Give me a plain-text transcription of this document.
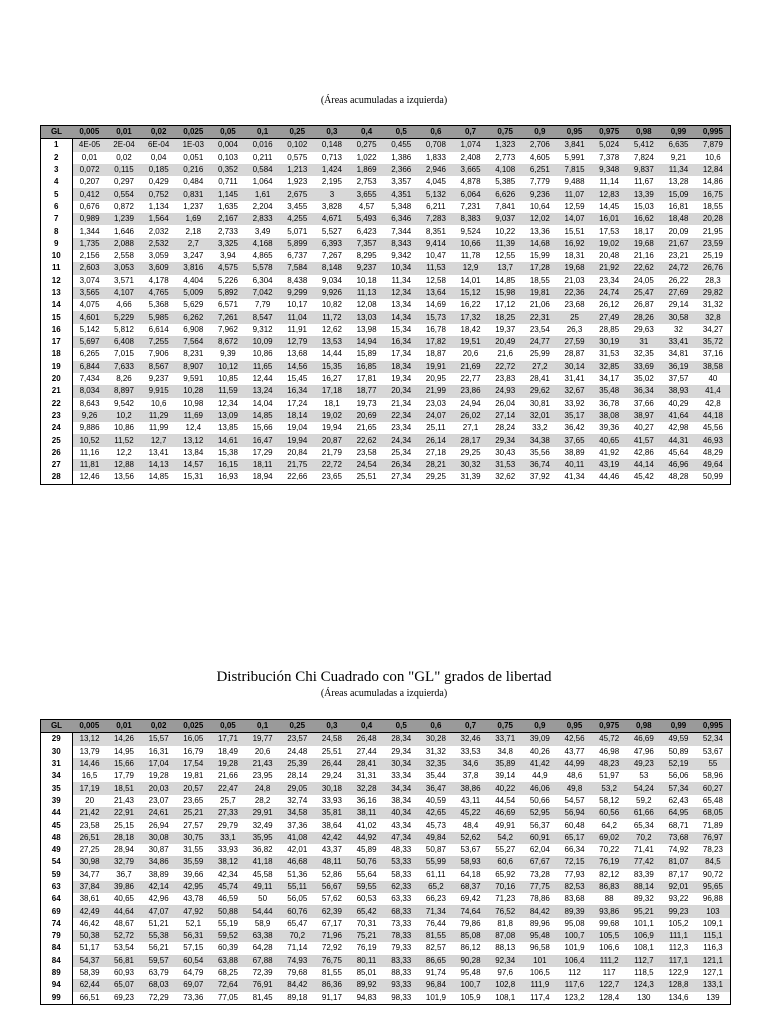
(Áreas acumuladas a izquierda)
GL	0,005	0,01	0,02	0,025	0,05	0,1	0,25	0,3	0,4	0,5	0,6	0,7	0,75	0,9	0,95	0,975	0,98	0,99	0,995
1	4E-05	2E-04	6E-04	1E-03	0,004	0,016	0,102	0,148	0,275	0,455	0,708	1,074	1,323	2,706	3,841	5,024	5,412	6,635	7,879
2	0,01	0,02	0,04	0,051	0,103	0,211	0,575	0,713	1,022	1,386	1,833	2,408	2,773	4,605	5,991	7,378	7,824	9,21	10,6
3	0,072	0,115	0,185	0,216	0,352	0,584	1,213	1,424	1,869	2,366	2,946	3,665	4,108	6,251	7,815	9,348	9,837	11,34	12,84
4	0,207	0,297	0,429	0,484	0,711	1,064	1,923	2,195	2,753	3,357	4,045	4,878	5,385	7,779	9,488	11,14	11,67	13,28	14,86
5	0,412	0,554	0,752	0,831	1,145	1,61	2,675	3	3,655	4,351	5,132	6,064	6,626	9,236	11,07	12,83	13,39	15,09	16,75
6	0,676	0,872	1,134	1,237	1,635	2,204	3,455	3,828	4,57	5,348	6,211	7,231	7,841	10,64	12,59	14,45	15,03	16,81	18,55
7	0,989	1,239	1,564	1,69	2,167	2,833	4,255	4,671	5,493	6,346	7,283	8,383	9,037	12,02	14,07	16,01	16,62	18,48	20,28
8	1,344	1,646	2,032	2,18	2,733	3,49	5,071	5,527	6,423	7,344	8,351	9,524	10,22	13,36	15,51	17,53	18,17	20,09	21,95
9	1,735	2,088	2,532	2,7	3,325	4,168	5,899	6,393	7,357	8,343	9,414	10,66	11,39	14,68	16,92	19,02	19,68	21,67	23,59
10	2,156	2,558	3,059	3,247	3,94	4,865	6,737	7,267	8,295	9,342	10,47	11,78	12,55	15,99	18,31	20,48	21,16	23,21	25,19
11	2,603	3,053	3,609	3,816	4,575	5,578	7,584	8,148	9,237	10,34	11,53	12,9	13,7	17,28	19,68	21,92	22,62	24,72	26,76
12	3,074	3,571	4,178	4,404	5,226	6,304	8,438	9,034	10,18	11,34	12,58	14,01	14,85	18,55	21,03	23,34	24,05	26,22	28,3
13	3,565	4,107	4,765	5,009	5,892	7,042	9,299	9,926	11,13	12,34	13,64	15,12	15,98	19,81	22,36	24,74	25,47	27,69	29,82
14	4,075	4,66	5,368	5,629	6,571	7,79	10,17	10,82	12,08	13,34	14,69	16,22	17,12	21,06	23,68	26,12	26,87	29,14	31,32
15	4,601	5,229	5,985	6,262	7,261	8,547	11,04	11,72	13,03	14,34	15,73	17,32	18,25	22,31	25	27,49	28,26	30,58	32,8
16	5,142	5,812	6,614	6,908	7,962	9,312	11,91	12,62	13,98	15,34	16,78	18,42	19,37	23,54	26,3	28,85	29,63	32	34,27
17	5,697	6,408	7,255	7,564	8,672	10,09	12,79	13,53	14,94	16,34	17,82	19,51	20,49	24,77	27,59	30,19	31	33,41	35,72
18	6,265	7,015	7,906	8,231	9,39	10,86	13,68	14,44	15,89	17,34	18,87	20,6	21,6	25,99	28,87	31,53	32,35	34,81	37,16
19	6,844	7,633	8,567	8,907	10,12	11,65	14,56	15,35	16,85	18,34	19,91	21,69	22,72	27,2	30,14	32,85	33,69	36,19	38,58
20	7,434	8,26	9,237	9,591	10,85	12,44	15,45	16,27	17,81	19,34	20,95	22,77	23,83	28,41	31,41	34,17	35,02	37,57	40
21	8,034	8,897	9,915	10,28	11,59	13,24	16,34	17,18	18,77	20,34	21,99	23,86	24,93	29,62	32,67	35,48	36,34	38,93	41,4
22	8,643	9,542	10,6	10,98	12,34	14,04	17,24	18,1	19,73	21,34	23,03	24,94	26,04	30,81	33,92	36,78	37,66	40,29	42,8
23	9,26	10,2	11,29	11,69	13,09	14,85	18,14	19,02	20,69	22,34	24,07	26,02	27,14	32,01	35,17	38,08	38,97	41,64	44,18
24	9,886	10,86	11,99	12,4	13,85	15,66	19,04	19,94	21,65	23,34	25,11	27,1	28,24	33,2	36,42	39,36	40,27	42,98	45,56
25	10,52	11,52	12,7	13,12	14,61	16,47	19,94	20,87	22,62	24,34	26,14	28,17	29,34	34,38	37,65	40,65	41,57	44,31	46,93
26	11,16	12,2	13,41	13,84	15,38	17,29	20,84	21,79	23,58	25,34	27,18	29,25	30,43	35,56	38,89	41,92	42,86	45,64	48,29
27	11,81	12,88	14,13	14,57	16,15	18,11	21,75	22,72	24,54	26,34	28,21	30,32	31,53	36,74	40,11	43,19	44,14	46,96	49,64
28	12,46	13,56	14,85	15,31	16,93	18,94	22,66	23,65	25,51	27,34	29,25	31,39	32,62	37,92	41,34	44,46	45,42	48,28	50,99
Distribución Chi Cuadrado con "GL" grados de libertad
(Áreas acumuladas a izquierda)
GL	0,005	0,01	0,02	0,025	0,05	0,1	0,25	0,3	0,4	0,5	0,6	0,7	0,75	0,9	0,95	0,975	0,98	0,99	0,995
29	13,12	14,26	15,57	16,05	17,71	19,77	23,57	24,58	26,48	28,34	30,28	32,46	33,71	39,09	42,56	45,72	46,69	49,59	52,34
30	13,79	14,95	16,31	16,79	18,49	20,6	24,48	25,51	27,44	29,34	31,32	33,53	34,8	40,26	43,77	46,98	47,96	50,89	53,67
31	14,46	15,66	17,04	17,54	19,28	21,43	25,39	26,44	28,41	30,34	32,35	34,6	35,89	41,42	44,99	48,23	49,23	52,19	55
34	16,5	17,79	19,28	19,81	21,66	23,95	28,14	29,24	31,31	33,34	35,44	37,8	39,14	44,9	48,6	51,97	53	56,06	58,96
35	17,19	18,51	20,03	20,57	22,47	24,8	29,05	30,18	32,28	34,34	36,47	38,86	40,22	46,06	49,8	53,2	54,24	57,34	60,27
39	20	21,43	23,07	23,65	25,7	28,2	32,74	33,93	36,16	38,34	40,59	43,11	44,54	50,66	54,57	58,12	59,2	62,43	65,48
44	21,42	22,91	24,61	25,21	27,33	29,91	34,58	35,81	38,11	40,34	42,65	45,22	46,69	52,95	56,94	60,56	61,66	64,95	68,05
45	23,58	25,15	26,94	27,57	29,79	32,49	37,36	38,64	41,02	43,34	45,73	48,4	49,91	56,37	60,48	64,2	65,34	68,71	71,89
48	26,51	28,18	30,08	30,75	33,1	35,95	41,08	42,42	44,92	47,34	49,84	52,62	54,2	60,91	65,17	69,02	70,2	73,68	76,97
49	27,25	28,94	30,87	31,55	33,93	36,82	42,01	43,37	45,89	48,33	50,87	53,67	55,27	62,04	66,34	70,22	71,41	74,92	78,23
54	30,98	32,79	34,86	35,59	38,12	41,18	46,68	48,11	50,76	53,33	55,99	58,93	60,6	67,67	72,15	76,19	77,42	81,07	84,5
59	34,77	36,7	38,89	39,66	42,34	45,58	51,36	52,86	55,64	58,33	61,11	64,18	65,92	73,28	77,93	82,12	83,39	87,17	90,72
63	37,84	39,86	42,14	42,95	45,74	49,11	55,11	56,67	59,55	62,33	65,2	68,37	70,16	77,75	82,53	86,83	88,14	92,01	95,65
64	38,61	40,65	42,96	43,78	46,59	50	56,05	57,62	60,53	63,33	66,23	69,42	71,23	78,86	83,68	88	89,32	93,22	96,88
69	42,49	44,64	47,07	47,92	50,88	54,44	60,76	62,39	65,42	68,33	71,34	74,64	76,52	84,42	89,39	93,86	95,21	99,23	103
74	46,42	48,67	51,21	52,1	55,19	58,9	65,47	67,17	70,31	73,33	76,44	79,86	81,8	89,96	95,08	99,68	101,1	105,2	109,1
79	50,38	52,72	55,38	56,31	59,52	63,38	70,2	71,96	75,21	78,33	81,55	85,08	87,08	95,48	100,7	105,5	106,9	111,1	115,1
84	51,17	53,54	56,21	57,15	60,39	64,28	71,14	72,92	76,19	79,33	82,57	86,12	88,13	96,58	101,9	106,6	108,1	112,3	116,3
84	54,37	56,81	59,57	60,54	63,88	67,88	74,93	76,75	80,11	83,33	86,65	90,28	92,34	101	106,4	111,2	112,7	117,1	121,1
89	58,39	60,93	63,79	64,79	68,25	72,39	79,68	81,55	85,01	88,33	91,74	95,48	97,6	106,5	112	117	118,5	122,9	127,1
94	62,44	65,07	68,03	69,07	72,64	76,91	84,42	86,36	89,92	93,33	96,84	100,7	102,8	111,9	117,6	122,7	124,3	128,8	133,1
99	66,51	69,23	72,29	73,36	77,05	81,45	89,18	91,17	94,83	98,33	101,9	105,9	108,1	117,4	123,2	128,4	130	134,6	139
